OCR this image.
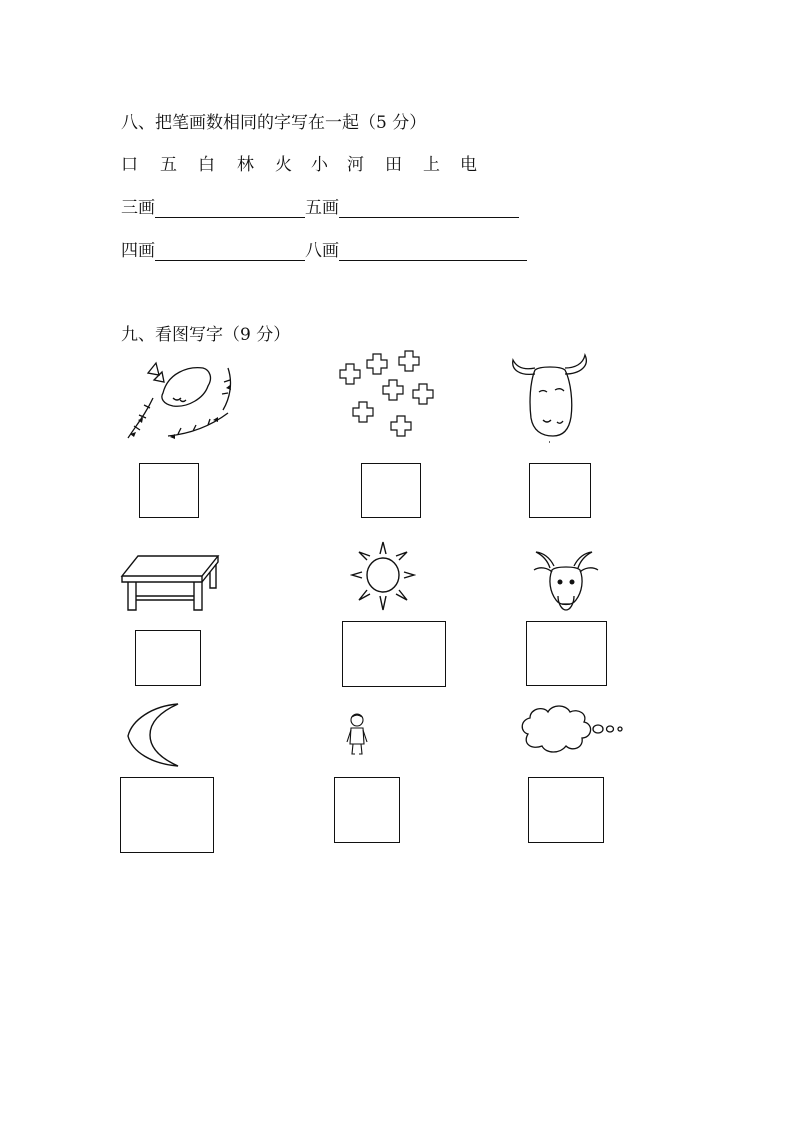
八、把笔画数相同的字写在一起（5 分）
口 五 白 林 火 小 河 田 上 电
三画	五画
四画	八画
九、看图写字（9 分）
